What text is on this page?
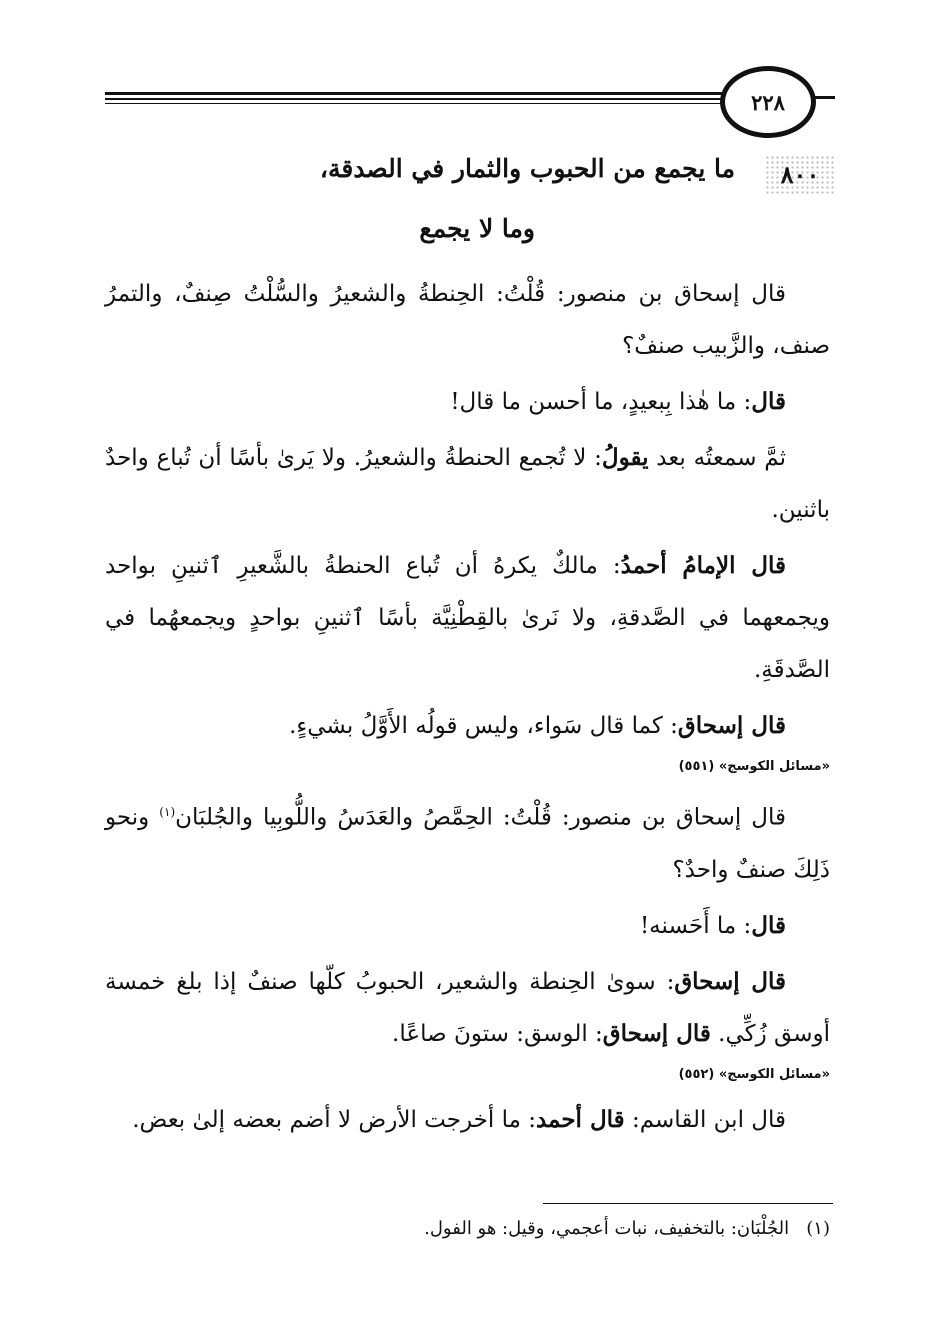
٢٢٨
٨٠٠
ما يجمع من الحبوب والثمار في الصدقة،
وما لا يجمع
قال إسحاق بن منصور: قُلْتُ: الحِنطةُ والشعيرُ والسُّلْتُ صِنفٌ، والتمرُ صنف، والزَّبيب صنفٌ؟
قال: ما هٰذا بِبعيدٍ، ما أحسن ما قال!
ثمَّ سمعتُه بعد يقولُ: لا تُجمع الحنطةُ والشعيرُ. ولا يَرىٰ بأسًا أن تُباع واحدٌ باثنين.
قال الإمامُ أحمدُ: مالكٌ يكرهُ أن تُباع الحنطةُ بالشَّعيرِ ٱثنينِ بواحد ويجمعهما في الصَّدقةِ، ولا نَرىٰ بالقِطْنِيَّة بأسًا ٱثنينِ بواحدٍ ويجمعهُما في الصَّدقَةِ.
قال إسحاق: كما قال سَواء، وليس قولُه الأَوَّلُ بشيءٍ.
«مسائل الكوسج» (٥٥١)
قال إسحاق بن منصور: قُلْتُ: الحِمَّصُ والعَدَسُ واللُّوبِيا والجُلبَان$^{(١)}$ ونحو ذَلِكَ صنفٌ واحدٌ؟
قال: ما أَحَسنه!
قال إسحاق: سوىٰ الحِنطة والشعير، الحبوبُ كلّها صنفٌ إذا بلغ خمسة أوسق زُكِّي. قال إسحاق: الوسق: ستونَ صاعًا.
«مسائل الكوسج» (٥٥٢)
قال ابن القاسم: قال أحمد: ما أخرجت الأرض لا أضم بعضه إلىٰ بعض.
(١)   الجُلْبَان: بالتخفيف، نبات أعجمي، وقيل: هو الفول.
